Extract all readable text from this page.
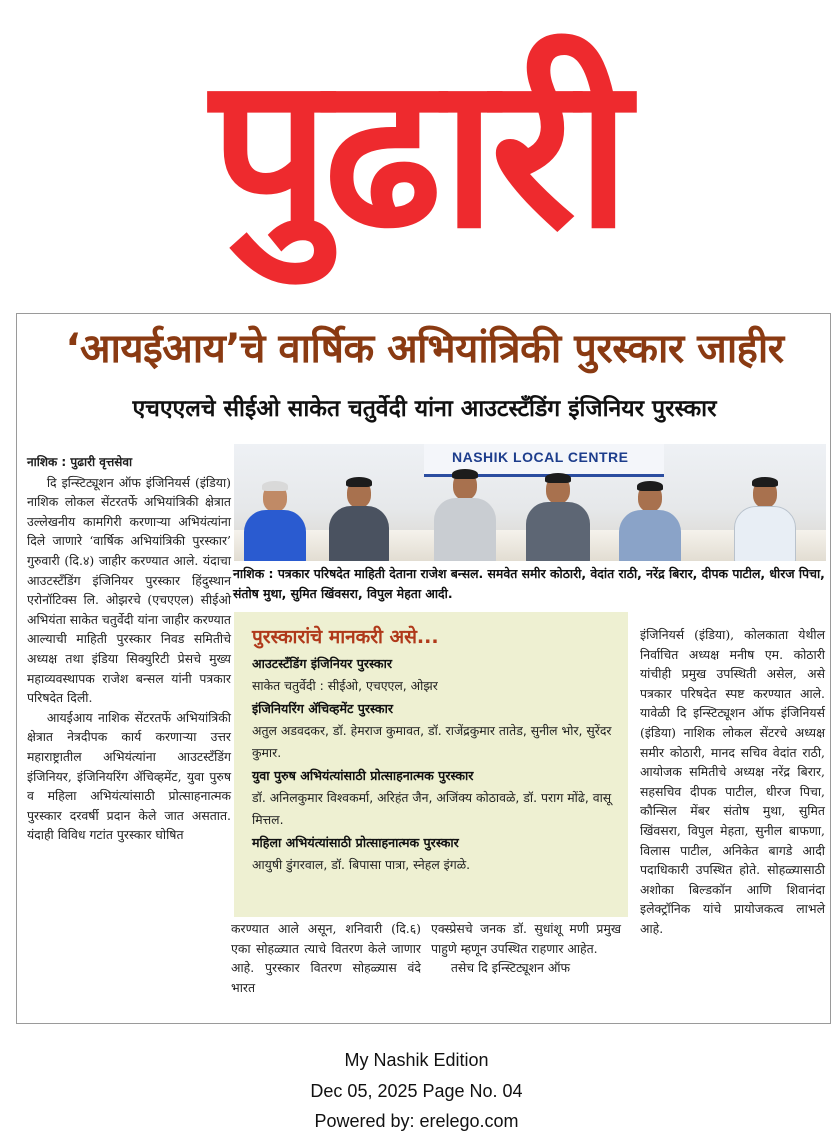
पुढारी
‘आयईआय’चे वार्षिक अभियांत्रिकी पुरस्कार जाहीर
एचएएलचे सीईओ साकेत चतुर्वेदी यांना आउटस्टॅंडिंग इंजिनियर पुरस्कार

नाशिक : पुढारी वृत्तसेवा

दि इन्स्टिट्यूशन ऑफ इंजिनियर्स (इंडिया) नाशिक लोकल सेंटरतर्फे अभियांत्रिकी क्षेत्रात उल्लेखनीय कामगिरी करणाऱ्या अभियंत्यांना दिले जाणारे ‘वार्षिक अभियांत्रिकी पुरस्कार’ गुरुवारी (दि.४) जाहीर करण्यात आले. यंदाचा आउटस्टॅंडिंग इंजिनियर पुरस्कार हिंदुस्थान एरोनॉटिक्स लि. ओझरचे (एचएएल) सीईओ अभियंता साकेत चतुर्वेदी यांना जाहीर करण्यात आल्याची माहिती पुरस्कार निवड समितीचे अध्यक्ष तथा इंडिया सिक्युरिटी प्रेसचे मुख्य महाव्यवस्थापक राजेश बन्सल यांनी पत्रकार परिषदेत दिली.

आयईआय नाशिक सेंटरतर्फे अभियांत्रिकी क्षेत्रात नेत्रदीपक कार्य करणाऱ्या उत्तर महाराष्ट्रातील अभियंत्यांना आउटस्टॅंडिंग इंजिनियर, इंजिनियरिंग ॲचिव्हमेंट, युवा पुरुष व महिला अभियंत्यांसाठी प्रोत्साहनात्मक पुरस्कार दरवर्षी प्रदान केले जात असतात. यंदाही विविध गटांत पुरस्कार घोषित

NASHIK LOCAL CENTRE
नाशिक : पत्रकार परिषदेत माहिती देताना राजेश बन्सल. समवेत समीर कोठारी, वेदांत राठी, नरेंद्र बिरार, दीपक पाटील, धीरज पिचा, संतोष मुथा, सुमित खिंवसरा, विपुल मेहता आदी.
पुरस्कारांचे मानकरी असे...
आउटस्टॅंडिंग इंजिनियर पुरस्कार
साकेत चतुर्वेदी : सीईओ, एचएएल, ओझर
इंजिनियरिंग ॲचिव्हमेंट पुरस्कार
अतुल अडवदकर, डॉ. हेमराज कुमावत, डॉ. राजेंद्रकुमार तातेड, सुनील भोर, सुरेंदर कुमार.
युवा पुरुष अभियंत्यांसाठी प्रोत्साहनात्मक पुरस्कार
डॉ. अनिलकुमार विश्वकर्मा, अरिहंत जैन, अजिंक्य कोठावळे, डॉ. पराग मोंढे, वासू मित्तल.
महिला अभियंत्यांसाठी प्रोत्साहनात्मक पुरस्कार
आयुषी डुंगरवाल, डॉ. बिपासा पात्रा, स्नेहल इंगळे.

करण्यात आले असून, शनिवारी (दि.६) एका सोहळ्यात त्याचे वितरण केले जाणार आहे. पुरस्कार वितरण सोहळ्यास वंदे भारत

एक्स्प्रेसचे जनक डॉ. सुधांशू मणी प्रमुख पाहुणे म्हणून उपस्थित राहणार आहेत.

तसेच दि इन्स्टिट्यूशन ऑफ

इंजिनियर्स (इंडिया), कोलकाता येथील निर्वाचित अध्यक्ष मनीष एम. कोठारी यांचीही प्रमुख उपस्थिती असेल, असे पत्रकार परिषदेत स्पष्ट करण्यात आले. यावेळी दि इन्स्टिट्यूशन ऑफ इंजिनियर्स (इंडिया) नाशिक लोकल सेंटरचे अध्यक्ष समीर कोठारी, मानद सचिव वेदांत राठी, आयोजक समितीचे अध्यक्ष नरेंद्र बिरार, सहसचिव दीपक पाटील, धीरज पिचा, कौन्सिल मेंबर संतोष मुथा, सुमित खिंवसरा, विपुल मेहता, सुनील बाफणा, विलास पाटील, अनिकेत बागडे आदी पदाधिकारी उपस्थित होते. सोहळ्यासाठी अशोका बिल्डकॉन आणि शिवानंदा इलेक्ट्रॉनिक यांचे प्रायोजकत्व लाभले आहे.

My Nashik Edition
Dec 05, 2025 Page No. 04
Powered by: erelego.com
